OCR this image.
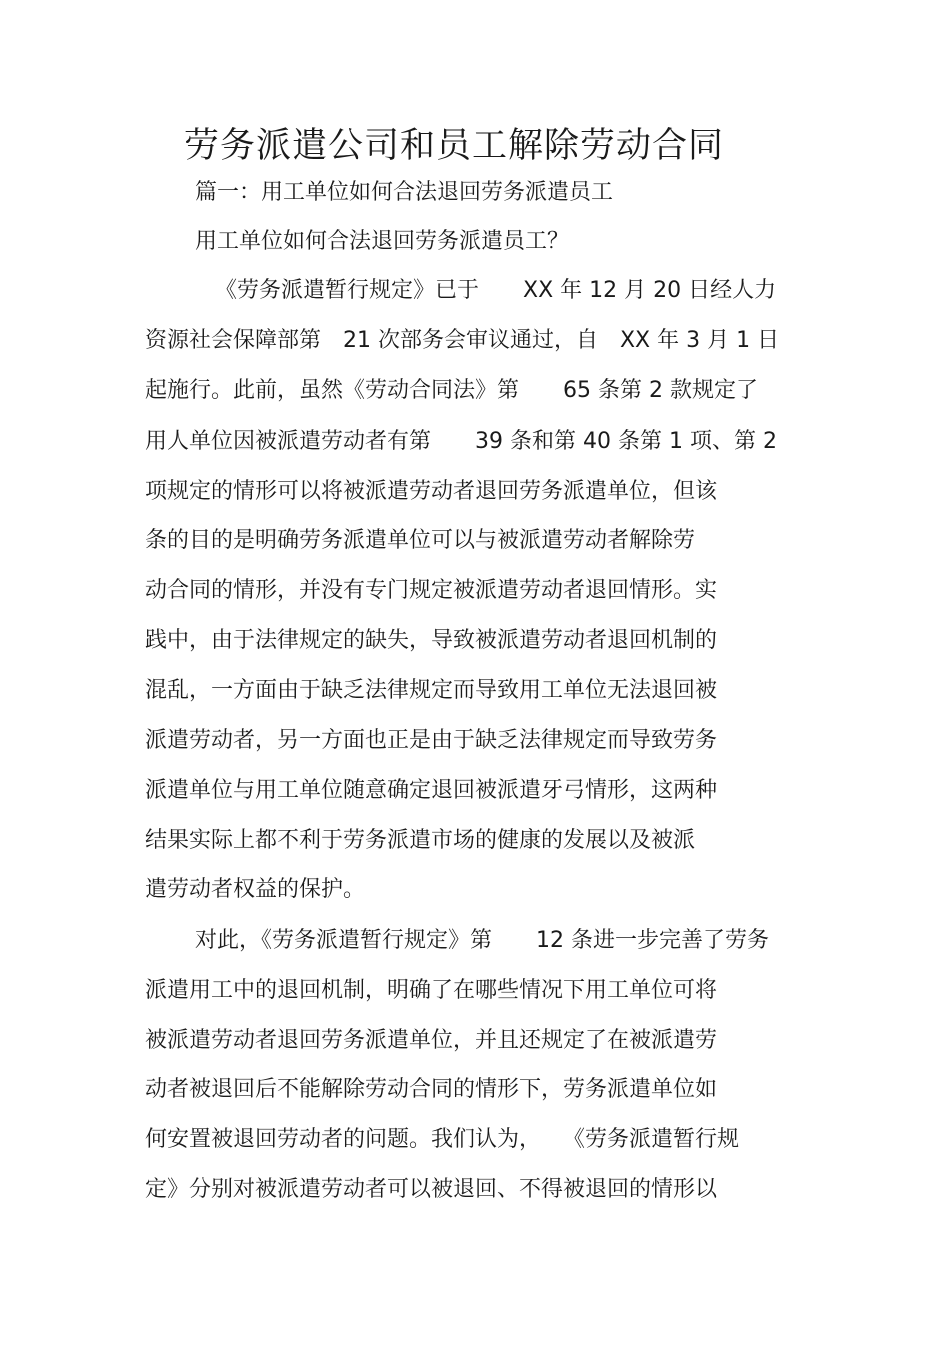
劳务派遣公司和员工解除劳动合同
篇一：用工单位如何合法退回劳务派遣员工
用工单位如何合法退回劳务派遣员工？
《劳务派遣暂行规定》已于　　XX 年 12 月 20 日经人力
资源社会保障部第　21 次部务会审议通过，自　XX 年 3 月 1 日
起施行。此前，虽然《劳动合同法》第　　65 条第 2 款规定了
用人单位因被派遣劳动者有第　　39 条和第 40 条第 1 项、第 2
项规定的情形可以将被派遣劳动者退回劳务派遣单位，但该
条的目的是明确劳务派遣单位可以与被派遣劳动者解除劳
动合同的情形，并没有专门规定被派遣劳动者退回情形。实
践中，由于法律规定的缺失，导致被派遣劳动者退回机制的
混乱，一方面由于缺乏法律规定而导致用工单位无法退回被
派遣劳动者，另一方面也正是由于缺乏法律规定而导致劳务
派遣单位与用工单位随意确定退回被派遣牙弓情形，这两种
结果实际上都不利于劳务派遣市场的健康的发展以及被派
遣劳动者权益的保护。
对此，《劳务派遣暂行规定》第　　12 条进一步完善了劳务
派遣用工中的退回机制，明确了在哪些情况下用工单位可将
被派遣劳动者退回劳务派遣单位，并且还规定了在被派遣劳
动者被退回后不能解除劳动合同的情形下，劳务派遣单位如
何安置被退回劳动者的问题。我们认为，　　《劳务派遣暂行规
定》分别对被派遣劳动者可以被退回、不得被退回的情形以
